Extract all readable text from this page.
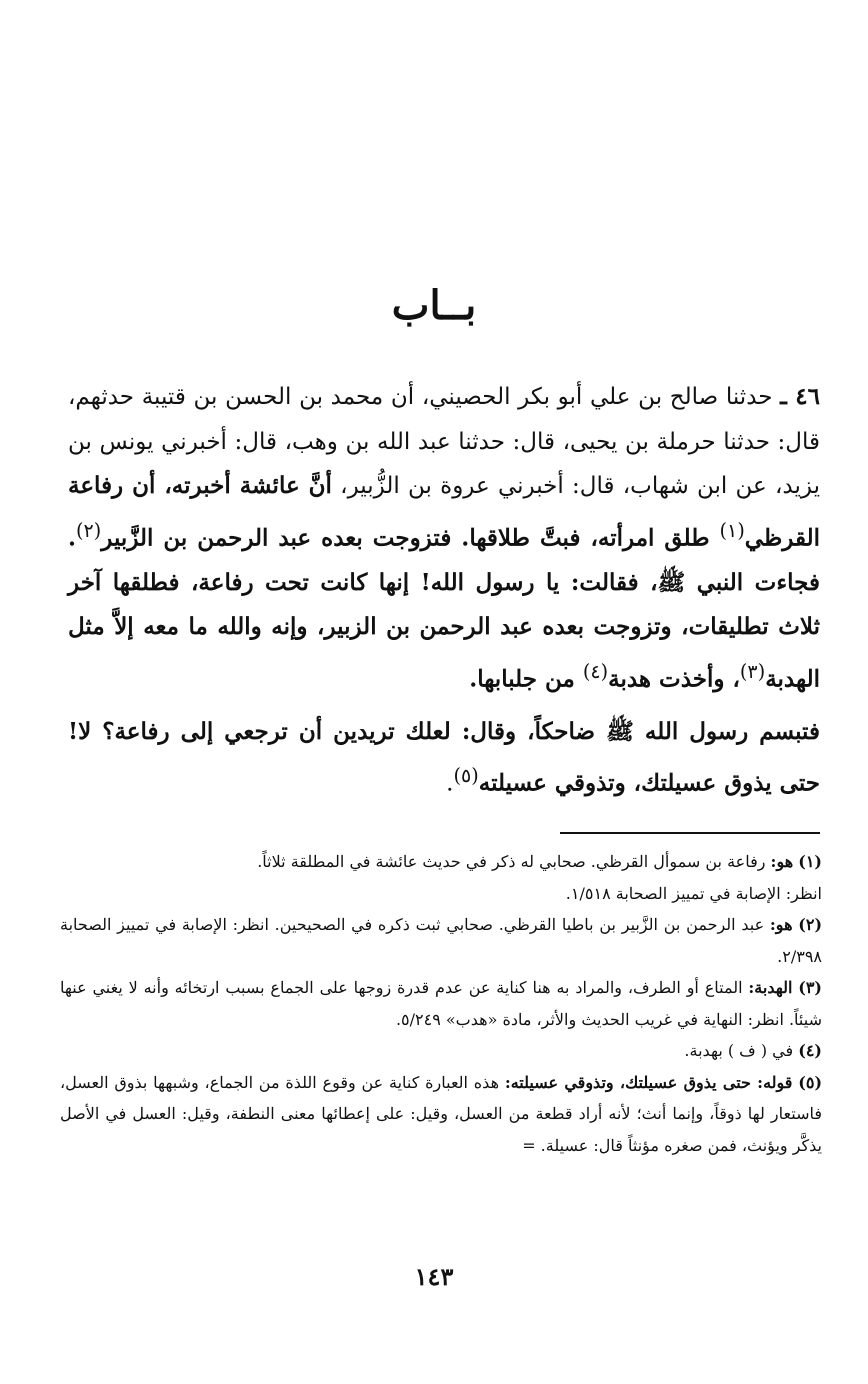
بــاب

٤٦ ـ حدثنا صالح بن علي أبو بكر الحصيني، أن محمد بن الحسن بن قتيبة حدثهم، قال: حدثنا حرملة بن يحيى، قال: حدثنا عبد الله بن وهب، قال: أخبرني يونس بن يزيد، عن ابن شهاب، قال: أخبرني عروة بن الزُّبير، أنَّ عائشة أخبرته، أن رفاعة القرظي$^{(١)}$ طلق امرأته، فبتَّ طلاقها. فتزوجت بعده عبد الرحمن بن الزَّبير$^{(٢)}$. فجاءت النبي ﷺ، فقالت: يا رسول الله! إنها كانت تحت رفاعة، فطلقها آخر ثلاث تطليقات، وتزوجت بعده عبد الرحمن بن الزبير، وإنه والله ما معه إلاَّ مثل الهدبة$^{(٣)}$، وأخذت هدبة$^{(٤)}$ من جلبابها.

فتبسم رسول الله ﷺ ضاحكاً، وقال: لعلك تريدين أن ترجعي إلى رفاعة؟ لا! حتى يذوق عسيلتك، وتذوقي عسيلته$^{(٥)}$.

(١) هو: رفاعة بن سموأل القرظي. صحابي له ذكر في حديث عائشة في المطلقة ثلاثاً.
انظر: الإصابة في تمييز الصحابة ١/٥١٨.

(٢) هو: عبد الرحمن بن الزَّبير بن باطيا القرظي. صحابي ثبت ذكره في الصحيحين. انظر: الإصابة في تمييز الصحابة ٢/٣٩٨.

(٣) الهدبة: المتاع أو الطرف، والمراد به هنا كناية عن عدم قدرة زوجها على الجماع بسبب ارتخائه وأنه لا يغني عنها شيئاً. انظر: النهاية في غريب الحديث والأثر، مادة «هدب» ٥/٢٤٩.

(٤) في ( ف ) بهدبة.

(٥) قوله: حتى يذوق عسيلتك، وتذوقي عسيلته: هذه العبارة كناية عن وقوع اللذة من الجماع، وشبهها بذوق العسل، فاستعار لها ذوقاً، وإنما أنث؛ لأنه أراد قطعة من العسل، وقيل: على إعطائها معنى النطفة، وقيل: العسل في الأصل يذكَّر ويؤنث، فمن صغره مؤنثاً قال: عسيلة. =

١٤٣
